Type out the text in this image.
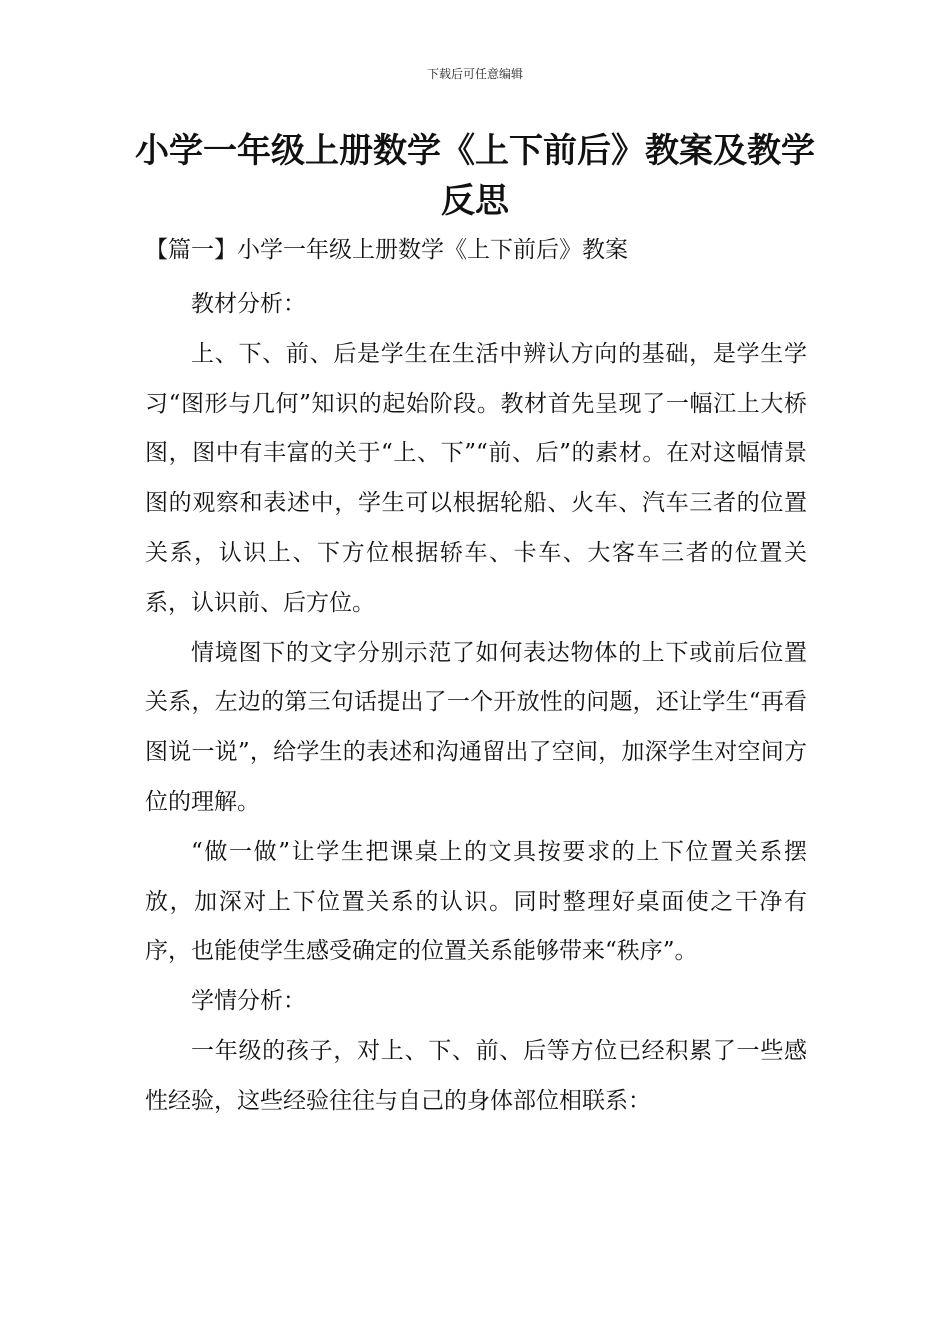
下载后可任意编辑
小学一年级上册数学《上下前后》教案及教学反思
【篇一】小学一年级上册数学《上下前后》教案

教材分析：

上、下、前、后是学生在生活中辨认方向的基础，是学生学习“图形与几何”知识的起始阶段。教材首先呈现了一幅江上大桥图，图中有丰富的关于“上、下”“前、后”的素材。在对这幅情景图的观察和表述中，学生可以根据轮船、火车、汽车三者的位置关系，认识上、下方位根据轿车、卡车、大客车三者的位置关系，认识前、后方位。

情境图下的文字分别示范了如何表达物体的上下或前后位置关系，左边的第三句话提出了一个开放性的问题，还让学生“再看图说一说”，给学生的表述和沟通留出了空间，加深学生对空间方位的理解。

“做一做”让学生把课桌上的文具按要求的上下位置关系摆放，加深对上下位置关系的认识。同时整理好桌面使之干净有序，也能使学生感受确定的位置关系能够带来“秩序”。

学情分析：

一年级的孩子，对上、下、前、后等方位已经积累了一些感性经验，这些经验往往与自己的身体部位相联系：
